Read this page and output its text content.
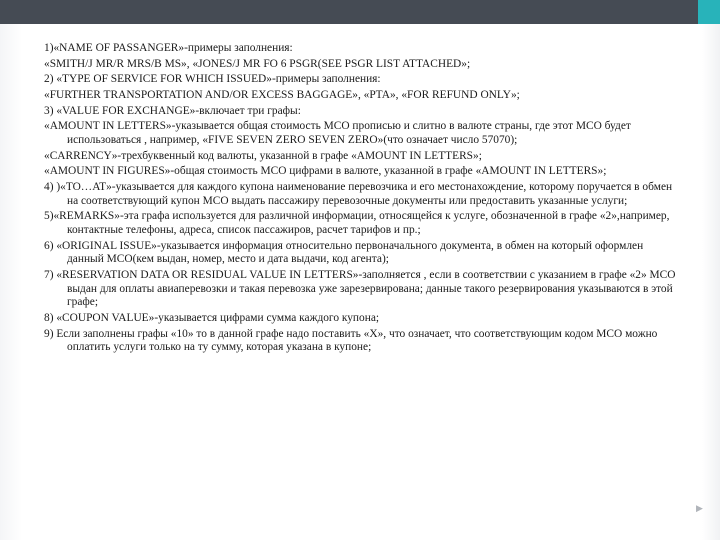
1)«NAME OF PASSANGER»-примеры заполнения:

«SMITH/J MR/R MRS/B MS», «JONES/J MR FO 6 PSGR(SEE PSGR LIST ATTACHED»;

2) «TYPE OF SERVICE FOR WHICH ISSUED»-примеры заполнения:

«FURTHER TRANSPORTATION AND/OR EXCESS BAGGAGE», «PTA», «FOR REFUND ONLY»;

3) «VALUE FOR EXCHANGE»-включает три графы:

«AMOUNT IN LETTERS»-указывается общая стоимость МСО прописью и слитно в валюте страны, где этот МСО будет использоваться , например, «FIVE SEVEN ZERO SEVEN ZERO»(что означает число 57070);

«CARRENCY»-трехбуквенный код валюты, указанной в графе «AMOUNT IN LETTERS»;

«AMOUNT IN FIGURES»-общая стоимость МСО цифрами в валюте, указанной в графе «AMOUNT IN LETTERS»;

4) )«TO…AT»-указывается для каждого купона наименование перевозчика и его местонахождение, которому поручается в обмен на соответствующий купон МСО выдать пассажиру перевозочные документы или предоставить указанные услуги;

5)«REMARKS»-эта графа используется для различной информации, относящейся к услуге, обозначенной в графе «2»,например, контактные телефоны, адреса, список пассажиров, расчет тарифов и пр.;

6) «ORIGINAL ISSUE»-указывается информация относительно первоначального документа, в обмен на который оформлен данный МСО(кем выдан, номер, место и дата выдачи, код агента);

7) «RESERVATION DATA OR RESIDUAL VALUE IN LETTERS»-заполняется , если в соответствии с указанием в графе «2» МСО выдан для оплаты авиаперевозки и такая перевозка уже зарезервирована; данные такого резервирования указываются в этой графе;

8) «COUPON VALUE»-указывается цифрами сумма каждого купона;

9) Если заполнены графы «10» то в данной графе надо поставить «X», что означает, что соответствующим кодом МСО можно оплатить услуги только на ту сумму, которая указана в купоне;

▶
